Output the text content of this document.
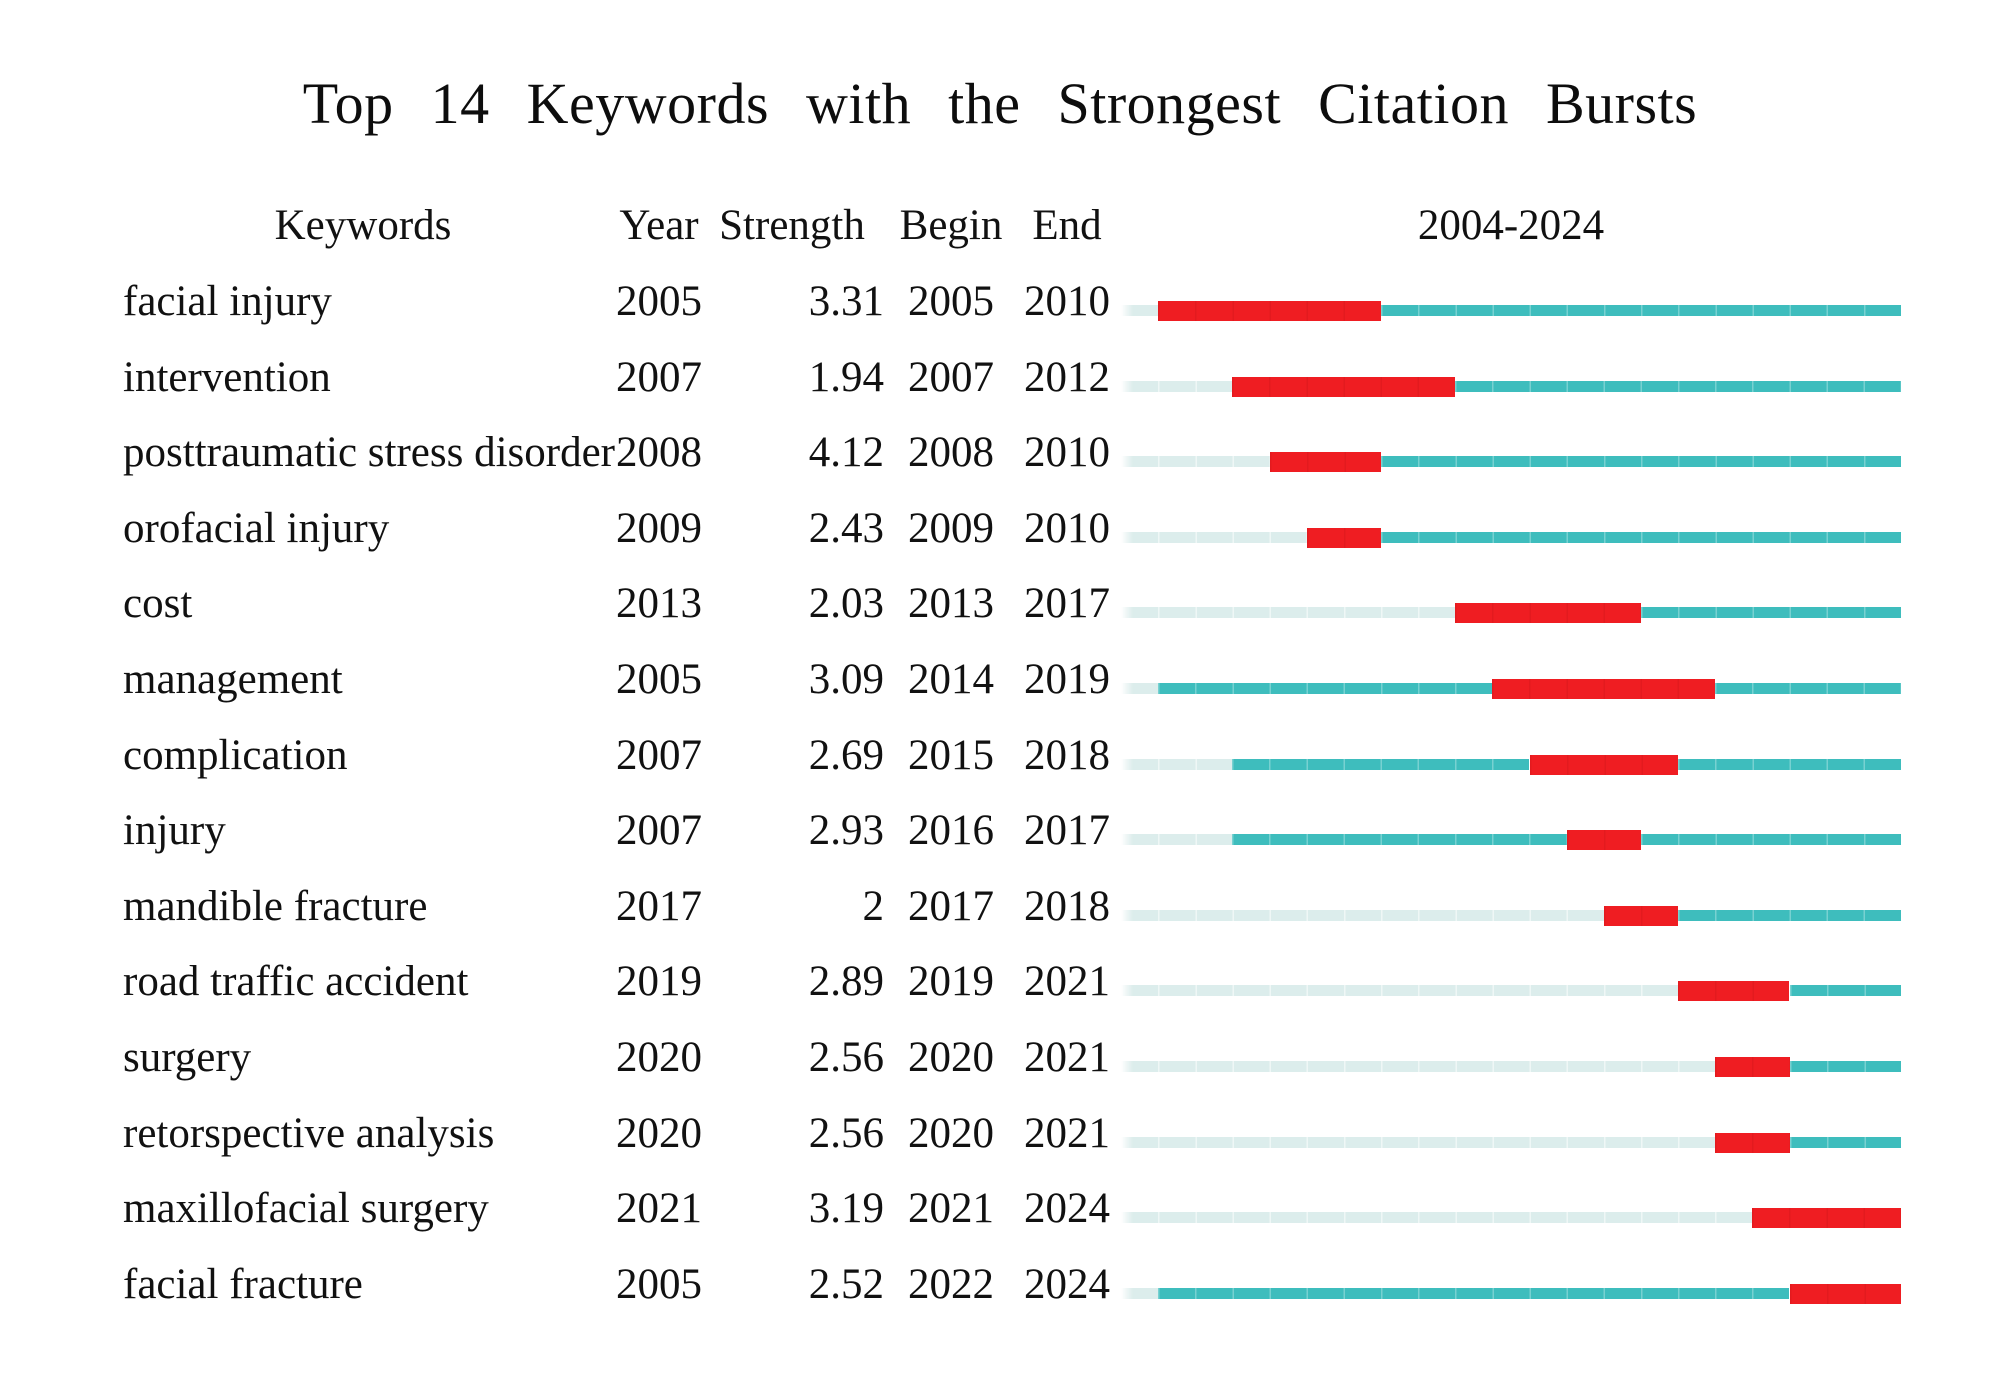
Top 14 Keywords with the Strongest Citation Bursts
Keywords	Year Strength Begin End	2004-2024
facial injury	2005	3.31 2005 2010
intervention	2007	1.94 2007 2012
posttraumatic stress disorder 2008	4.12 2008 2010
orofacial injury	2009	2.43 2009 2010
cost	2013	2.03 2013 2017
management	2005	3.09 2014 2019
complication	2007	2.69 2015 2018
injury	2007	2.93 2016 2017
mandible fracture	2017	2 2017 2018
road traffic accident	2019	2.89 2019 2021
surgery	2020	2.56 2020 2021
retorspective analysis	2020	2.56 2020 2021
maxillofacial surgery	2021	3.19 2021 2024
facial fracture	2005	2.52 2022 2024
